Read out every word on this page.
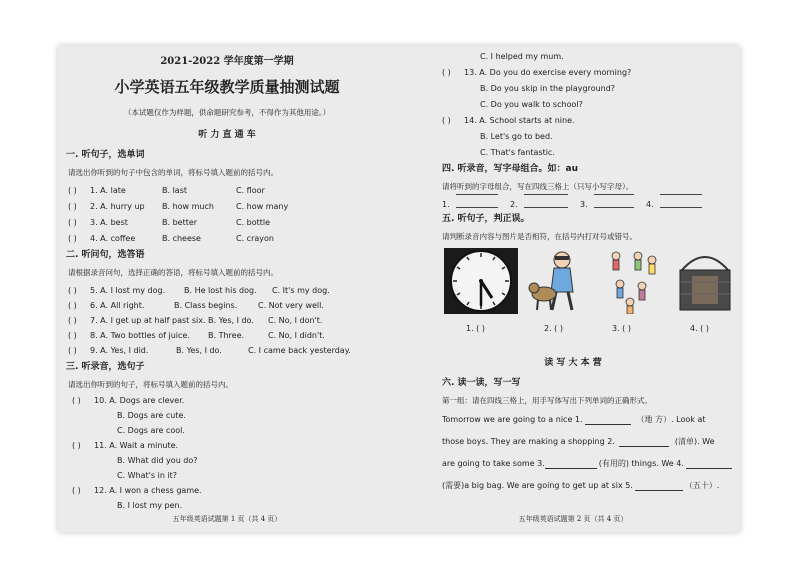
2021-2022 学年度第一学期
小学英语五年级教学质量抽测试题
（本试题仅作为样题，供命题研究参考，不得作为其他用途。）
听 力 直 通 车
一. 听句子，选单词
请选出你听到的句子中包含的单词，将标号填入题前的括号内。
( ) 1. A. late	B. last	C. floor
( ) 2. A. hurry up B. how much	C. how many
( ) 3. A. best	B. better	C. bottle
( ) 4. A. coffee	B. cheese	C. crayon
二. 听问句，选答语
请根据录音问句，选择正确的答语，将标号填入题前的括号内。
( ) 5. A. I lost my dog. B. He lost his dog. C. It's my dog.
( ) 6. A. All right.	B. Class begins.	C. Not very well.
( ) 7. A. I get up at half past six. B. Yes, I do. C. No, I don't.
( ) 8. A. Two bottles of juice. B. Three.	C. No, I didn't.
( ) 9. A. Yes, I did.	B. Yes, I do.	C. I came back yesterday.
三. 听录音，选句子
请选出你听到的句子，将标号填入题前的括号内。
( ) 10. A. Dogs are clever.
B. Dogs are cute.
C. Dogs are cool.
( ) 11. A. Wait a minute.
B. What did you do?
C. What's in it?
( ) 12. A. I won a chess game.
B. I lost my pen.
五年级英语试题第 1 页（共 4 页）
C. I helped my mum.
( ) 13. A. Do you do exercise every morning?
B. Do you skip in the playground?
C. Do you walk to school?
( ) 14. A. School starts at nine.
B. Let's go to bed.
C. That's fantastic.
四. 听录音，写字母组合。如：au
请将听到的字母组合，写在四线三格上（只写小写字母）。
1.	2.	3.	4.
五. 听句子，判正误。
请判断录音内容与图片是否相符，在括号内打对号或错号。
1. ( )	2. ( )	3. ( )	4. ( )
读 写 大 本 营
六. 读一读，写一写
第一组：请在四线三格上，用手写体写出下列单词的正确形式。
Tomorrow we are going to a nice 1.	（地 方）. Look at
those boys. They are making a shopping 2.	(清单). We
are going to take some 3.	(有用的) things. We 4.
(需要)a big bag. We are going to get up at six 5.	（五十）.
五年级英语试题第 2 页（共 4 页）
